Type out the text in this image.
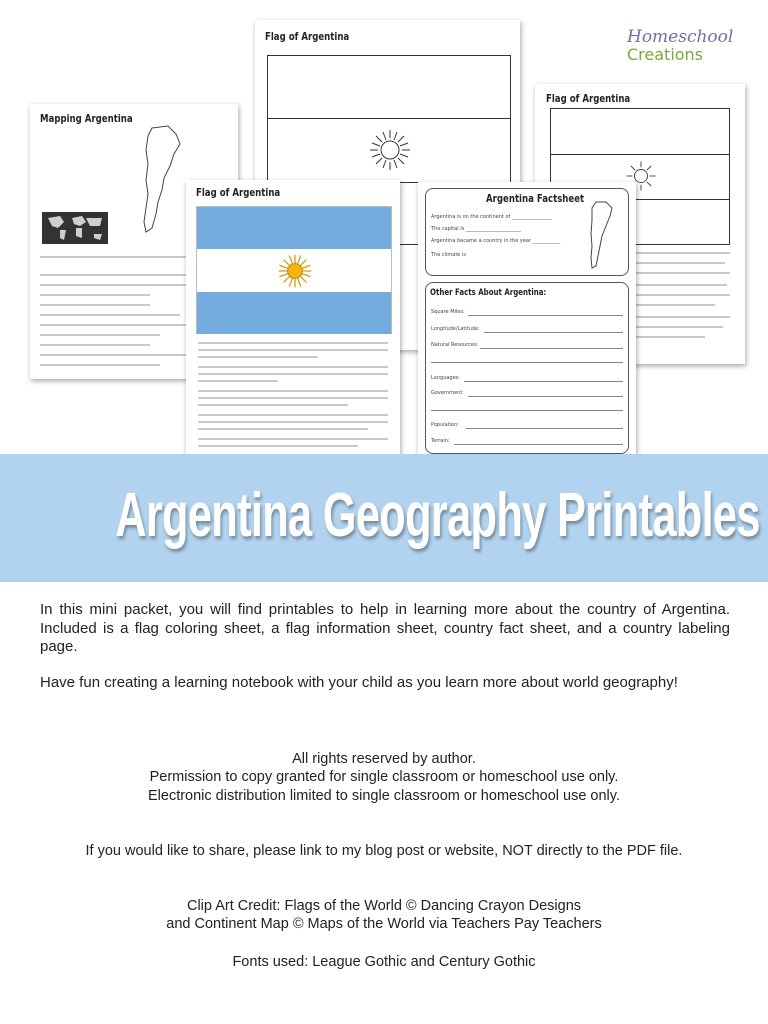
Homeschool
Creations
Flag of Argentina
Flag of Argentina
Mapping Argentina
Flag of Argentina	Argentina Factsheet
Argentina is on the continent of ________________
The capital is ______________________
Argentina became a country in the year ___________
The climate is
Other Facts About Argentina:
Square Miles:
Longitude/Latitude:
Natural Resources:
Languages:
Government:
Population:
Terrain:
Argentina Geography Printables
In this mini packet, you will find printables to help in learning more about the country of Argentina. Included is a flag coloring sheet, a flag information sheet, country fact sheet, and a country labeling page.
Have fun creating a learning notebook with your child as you learn more about world geography!
All rights reserved by author.
Permission to copy granted for single classroom or homeschool use only.
Electronic distribution limited to single classroom or homeschool use only.
If you would like to share, please link to my blog post or website, NOT directly to the PDF file.
Clip Art Credit: Flags of the World © Dancing Crayon Designs
and Continent Map © Maps of the World via Teachers Pay Teachers
Fonts used: League Gothic and Century Gothic
